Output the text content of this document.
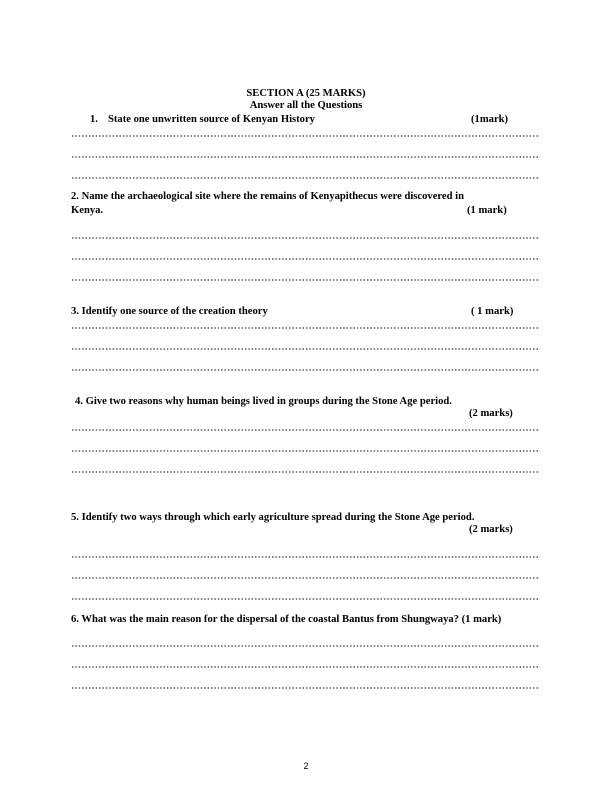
SECTION A (25 MARKS)
Answer all the Questions
1. State one unwritten source of Kenyan History	(1mark)
2. Name the archaeological site where the remains of Kenyapithecus were discovered in
Kenya.	(1 mark)
3. Identify one source of the creation theory	( 1 mark)
4. Give two reasons why human beings lived in groups during the Stone Age period.
(2 marks)
5. Identify two ways through which early agriculture spread during the Stone Age period.
(2 marks)
6. What was the main reason for the dispersal of the coastal Bantus from Shungwaya? (1 mark)
2
